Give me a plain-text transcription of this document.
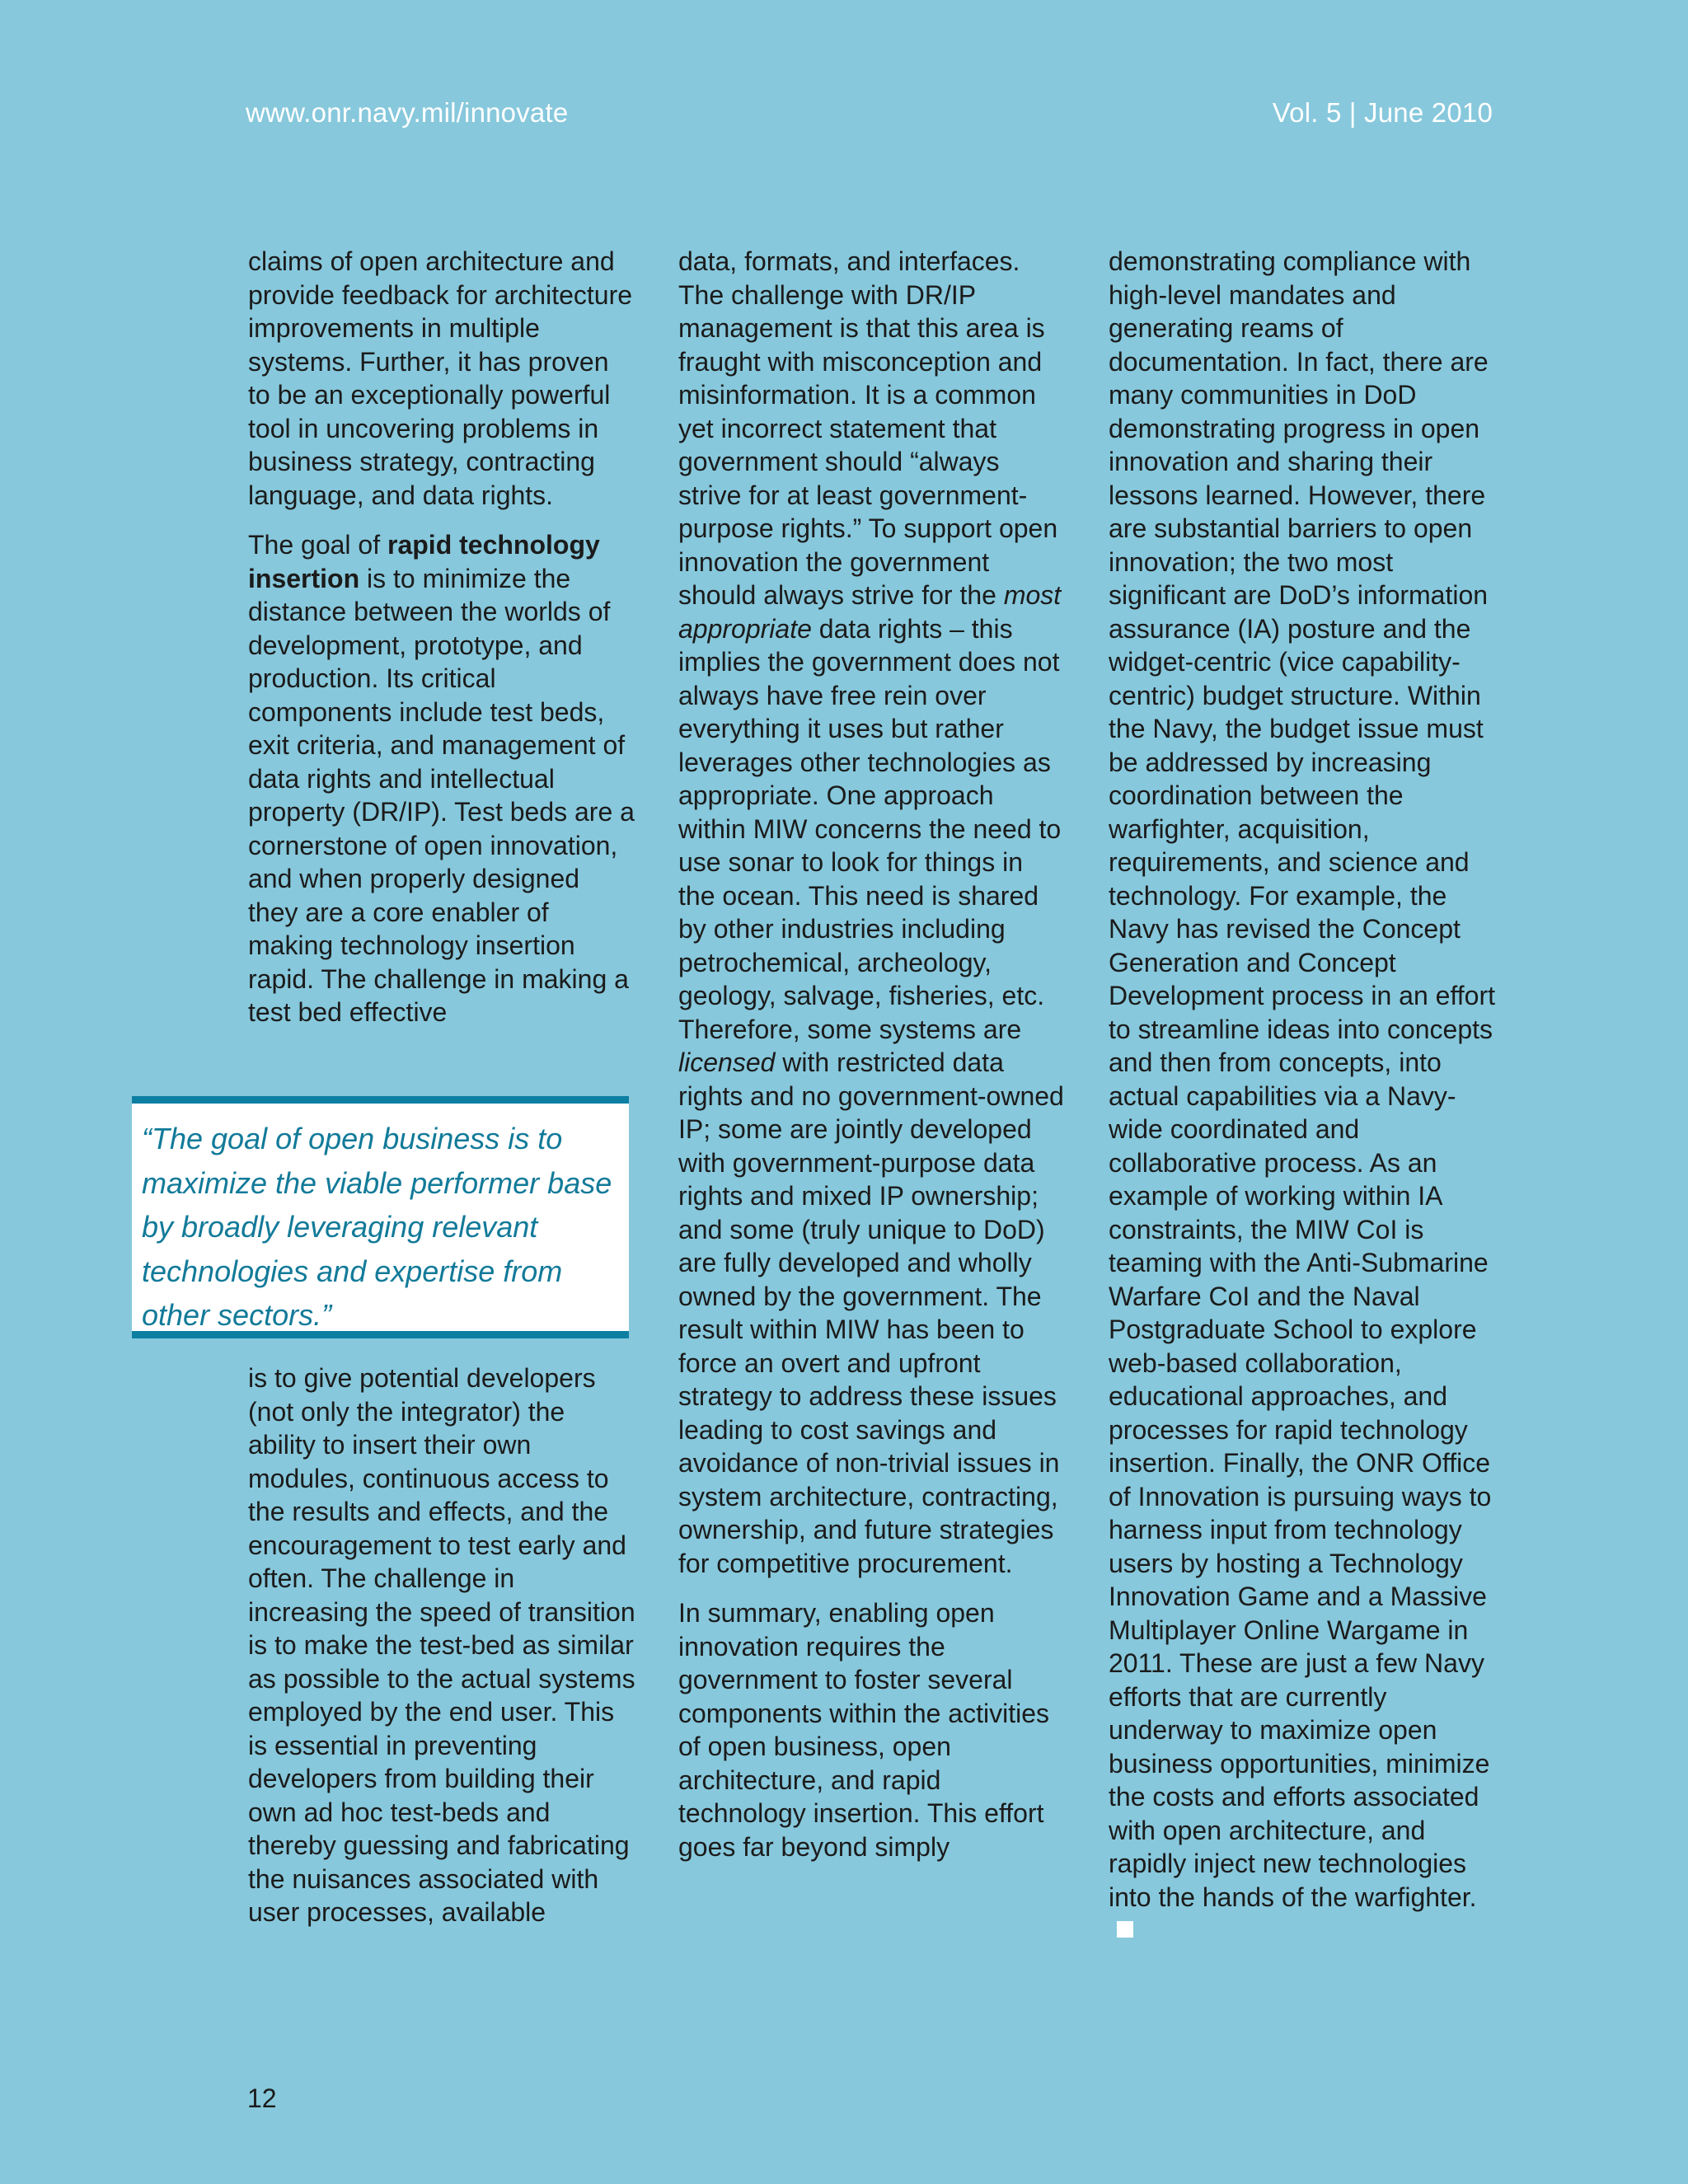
www.onr.navy.mil/innovate	Vol. 5 | June 2010

claims of open architecture and provide feedback for architecture improvements in multiple systems. Further, it has proven to be an exceptionally powerful tool in uncovering problems in business strategy, contracting language, and data rights.

The goal of rapid technology insertion is to minimize the distance between the worlds of development, prototype, and production. Its critical components include test beds, exit criteria, and management of data rights and intellectual property (DR/IP). Test beds are a cornerstone of open innovation, and when properly designed they are a core enabler of making technology insertion rapid. The challenge in making a test bed effective

“The goal of open business is to maximize the viable performer base by broadly leveraging relevant technologies and expertise from other sectors.”

is to give potential developers (not only the integrator) the ability to insert their own modules, continuous access to the results and effects, and the encouragement to test early and often. The challenge in increasing the speed of transition is to make the test-bed as similar as possible to the actual systems employed by the end user. This is essential in preventing developers from building their own ad hoc test-beds and thereby guessing and fabricating the nuisances associated with user processes, available

data, formats, and interfaces. The challenge with DR/IP management is that this area is fraught with misconception and misinformation. It is a common yet incorrect statement that government should “always strive for at least government-purpose rights.” To support open innovation the government should always strive for the most appropriate data rights – this implies the government does not always have free rein over everything it uses but rather leverages other technologies as appropriate. One approach within MIW concerns the need to use sonar to look for things in the ocean. This need is shared by other industries including petrochemical, archeology, geology, salvage, fisheries, etc. Therefore, some systems are licensed with restricted data rights and no government-owned IP; some are jointly developed with government-purpose data rights and mixed IP ownership; and some (truly unique to DoD) are fully developed and wholly owned by the government. The result within MIW has been to force an overt and upfront strategy to address these issues leading to cost savings and avoidance of non-trivial issues in system architecture, contracting, ownership, and future strategies for competitive procurement.

In summary, enabling open innovation requires the government to foster several components within the activities of open business, open architecture, and rapid technology insertion. This effort goes far beyond simply

demonstrating compliance with high-level mandates and generating reams of documentation. In fact, there are many communities in DoD demonstrating progress in open innovation and sharing their lessons learned. However, there are substantial barriers to open innovation; the two most significant are DoD’s information assurance (IA) posture and the widget-centric (vice capability-centric) budget structure. Within the Navy, the budget issue must be addressed by increasing coordination between the warfighter, acquisition, requirements, and science and technology. For example, the Navy has revised the Concept Generation and Concept Development process in an effort to streamline ideas into concepts and then from concepts, into actual capabilities via a Navy-wide coordinated and collaborative process. As an example of working within IA constraints, the MIW CoI is teaming with the Anti-Submarine Warfare CoI and the Naval Postgraduate School to explore web-based collaboration, educational approaches, and processes for rapid technology insertion. Finally, the ONR Office of Innovation is pursuing ways to harness input from technology users by hosting a Technology Innovation Game and a Massive Multiplayer Online Wargame in 2011. These are just a few Navy efforts that are currently underway to maximize open business opportunities, minimize the costs and efforts associated with open architecture, and rapidly inject new technologies into the hands of the warfighter.

12
